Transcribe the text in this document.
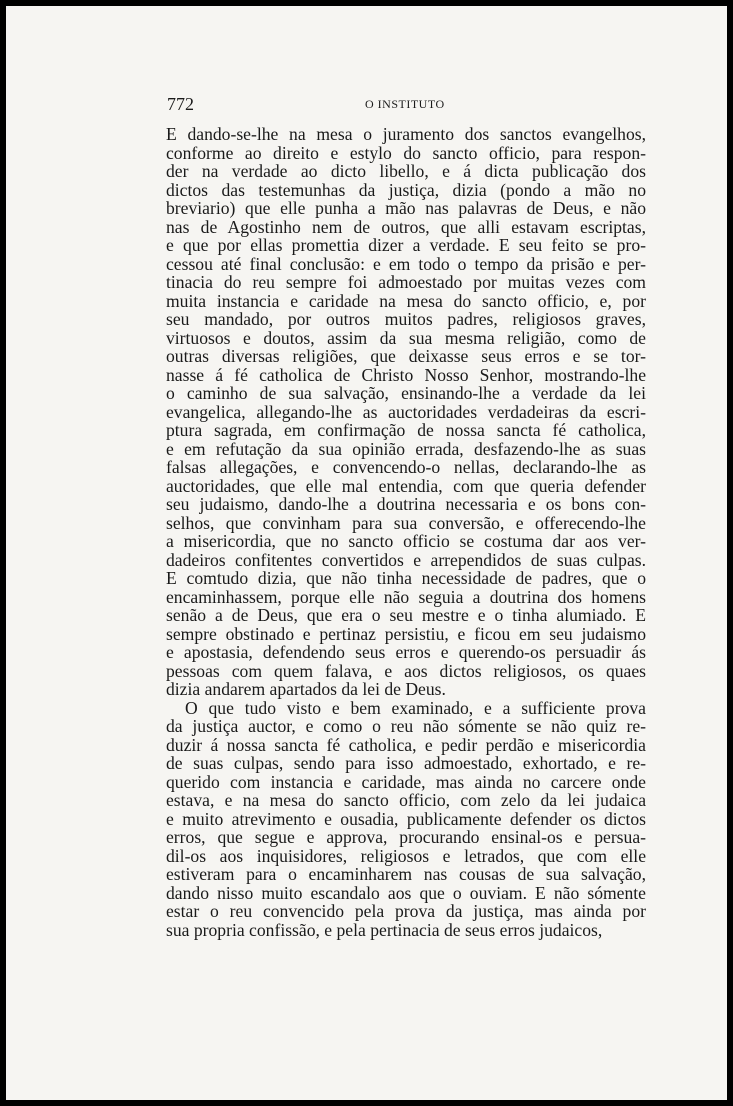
772	O INSTITUTO
E dando-se-lhe na mesa o juramento dos sanctos evangelhos,
conforme ao direito e estylo do sancto officio, para respon-
der na verdade ao dicto libello, e á dicta publicação dos
dictos das testemunhas da justiça, dizia (pondo a mão no
breviario) que elle punha a mão nas palavras de Deus, e não
nas de Agostinho nem de outros, que alli estavam escriptas,
e que por ellas promettia dizer a verdade. E seu feito se pro-
cessou até final conclusão: e em todo o tempo da prisão e per-
tinacia do reu sempre foi admoestado por muitas vezes com
muita instancia e caridade na mesa do sancto officio, e, por
seu mandado, por outros muitos padres, religiosos graves,
virtuosos e doutos, assim da sua mesma religião, como de
outras diversas religiões, que deixasse seus erros e se tor-
nasse á fé catholica de Christo Nosso Senhor, mostrando-lhe
o caminho de sua salvação, ensinando-lhe a verdade da lei
evangelica, allegando-lhe as auctoridades verdadeiras da escri-
ptura sagrada, em confirmação de nossa sancta fé catholica,
e em refutação da sua opinião errada, desfazendo-lhe as suas
falsas allegações, e convencendo-o nellas, declarando-lhe as
auctoridades, que elle mal entendia, com que queria defender
seu judaismo, dando-lhe a doutrina necessaria e os bons con-
selhos, que convinham para sua conversão, e offerecendo-lhe
a misericordia, que no sancto officio se costuma dar aos ver-
dadeiros confitentes convertidos e arrependidos de suas culpas.
E comtudo dizia, que não tinha necessidade de padres, que o
encaminhassem, porque elle não seguia a doutrina dos homens
senão a de Deus, que era o seu mestre e o tinha alumiado. E
sempre obstinado e pertinaz persistiu, e ficou em seu judaismo
e apostasia, defendendo seus erros e querendo-os persuadir ás
pessoas com quem falava, e aos dictos religiosos, os quaes
dizia andarem apartados da lei de Deus.
O que tudo visto e bem examinado, e a sufficiente prova
da justiça auctor, e como o reu não sómente se não quiz re-
duzir á nossa sancta fé catholica, e pedir perdão e misericordia
de suas culpas, sendo para isso admoestado, exhortado, e re-
querido com instancia e caridade, mas ainda no carcere onde
estava, e na mesa do sancto officio, com zelo da lei judaica
e muito atrevimento e ousadia, publicamente defender os dictos
erros, que segue e approva, procurando ensinal-os e persua-
dil-os aos inquisidores, religiosos e letrados, que com elle
estiveram para o encaminharem nas cousas de sua salvação,
dando nisso muito escandalo aos que o ouviam. E não sómente
estar o reu convencido pela prova da justiça, mas ainda por
sua propria confissão, e pela pertinacia de seus erros judaicos,
